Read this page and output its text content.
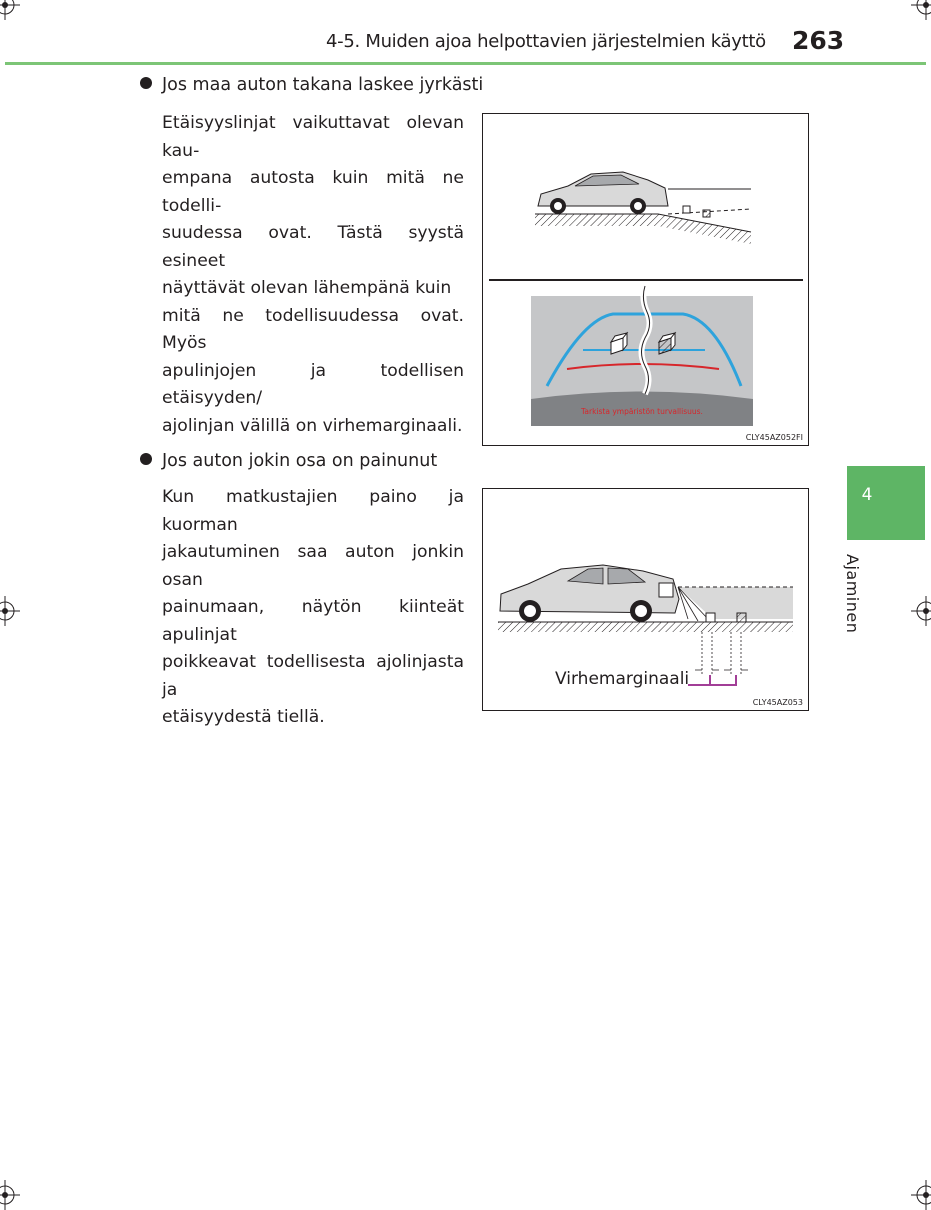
4-5. Muiden ajoa helpottavien järjestelmien käyttö 263
4
Ajaminen
Jos maa auton takana laskee jyrkästi
Etäisyyslinjat vaikuttavat olevan kau-
empana autosta kuin mitä ne todelli-
suudessa ovat. Tästä syystä esineet
näyttävät olevan lähempänä kuin
mitä ne todellisuudessa ovat. Myös
apulinjojen ja todellisen etäisyyden/
ajolinjan välillä on virhemarginaali.
Tarkista ympäristön turvallisuus.
CLY45AZ052FI
Jos auton jokin osa on painunut
Kun matkustajien paino ja kuorman
jakautuminen saa auton jonkin osan
painumaan, näytön kiinteät apulinjat
poikkeavat todellisesta ajolinjasta ja
etäisyydestä tiellä.
Virhemarginaali
CLY45AZ053
